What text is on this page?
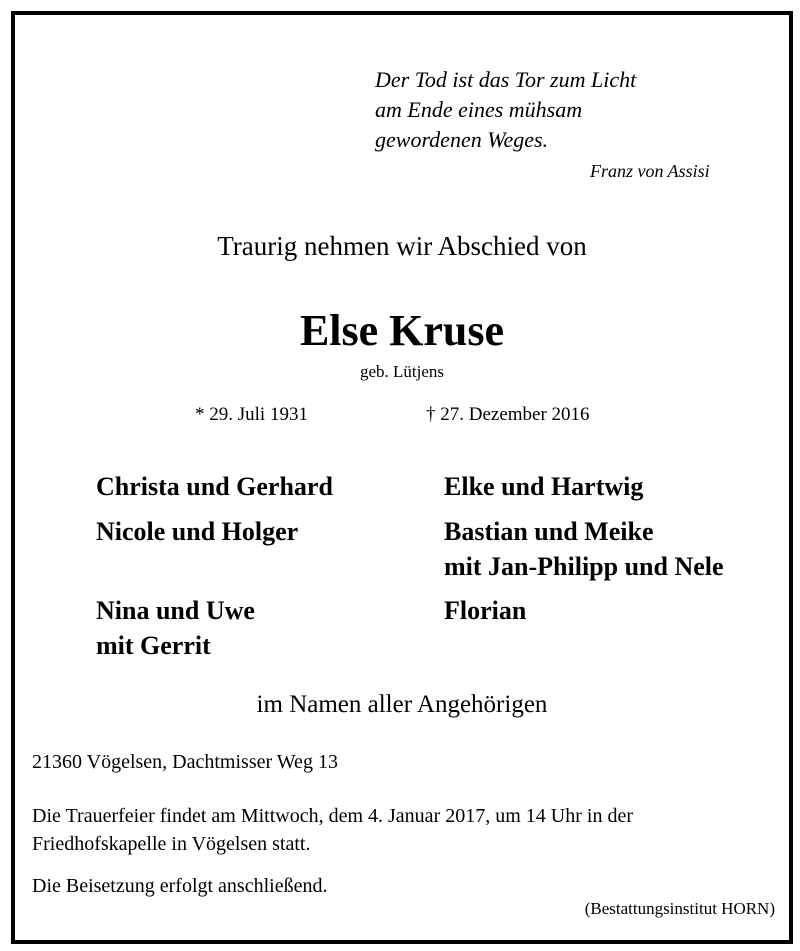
Der Tod ist das Tor zum Licht
am Ende eines mühsam
gewordenen Weges.
Franz von Assisi
Traurig nehmen wir Abschied von
Else Kruse
geb. Lütjens
* 29. Juli 1931	† 27. Dezember 2016
Christa und Gerhard
Nicole und Holger
Nina und Uwe
mit Gerrit
Elke und Hartwig
Bastian und Meike
mit Jan-Philipp und Nele
Florian
im Namen aller Angehörigen
21360 Vögelsen, Dachtmisser Weg 13
Die Trauerfeier findet am Mittwoch, dem 4. Januar 2017, um 14 Uhr in der
Friedhofskapelle in Vögelsen statt.
Die Beisetzung erfolgt anschließend.
(Bestattungsinstitut HORN)
